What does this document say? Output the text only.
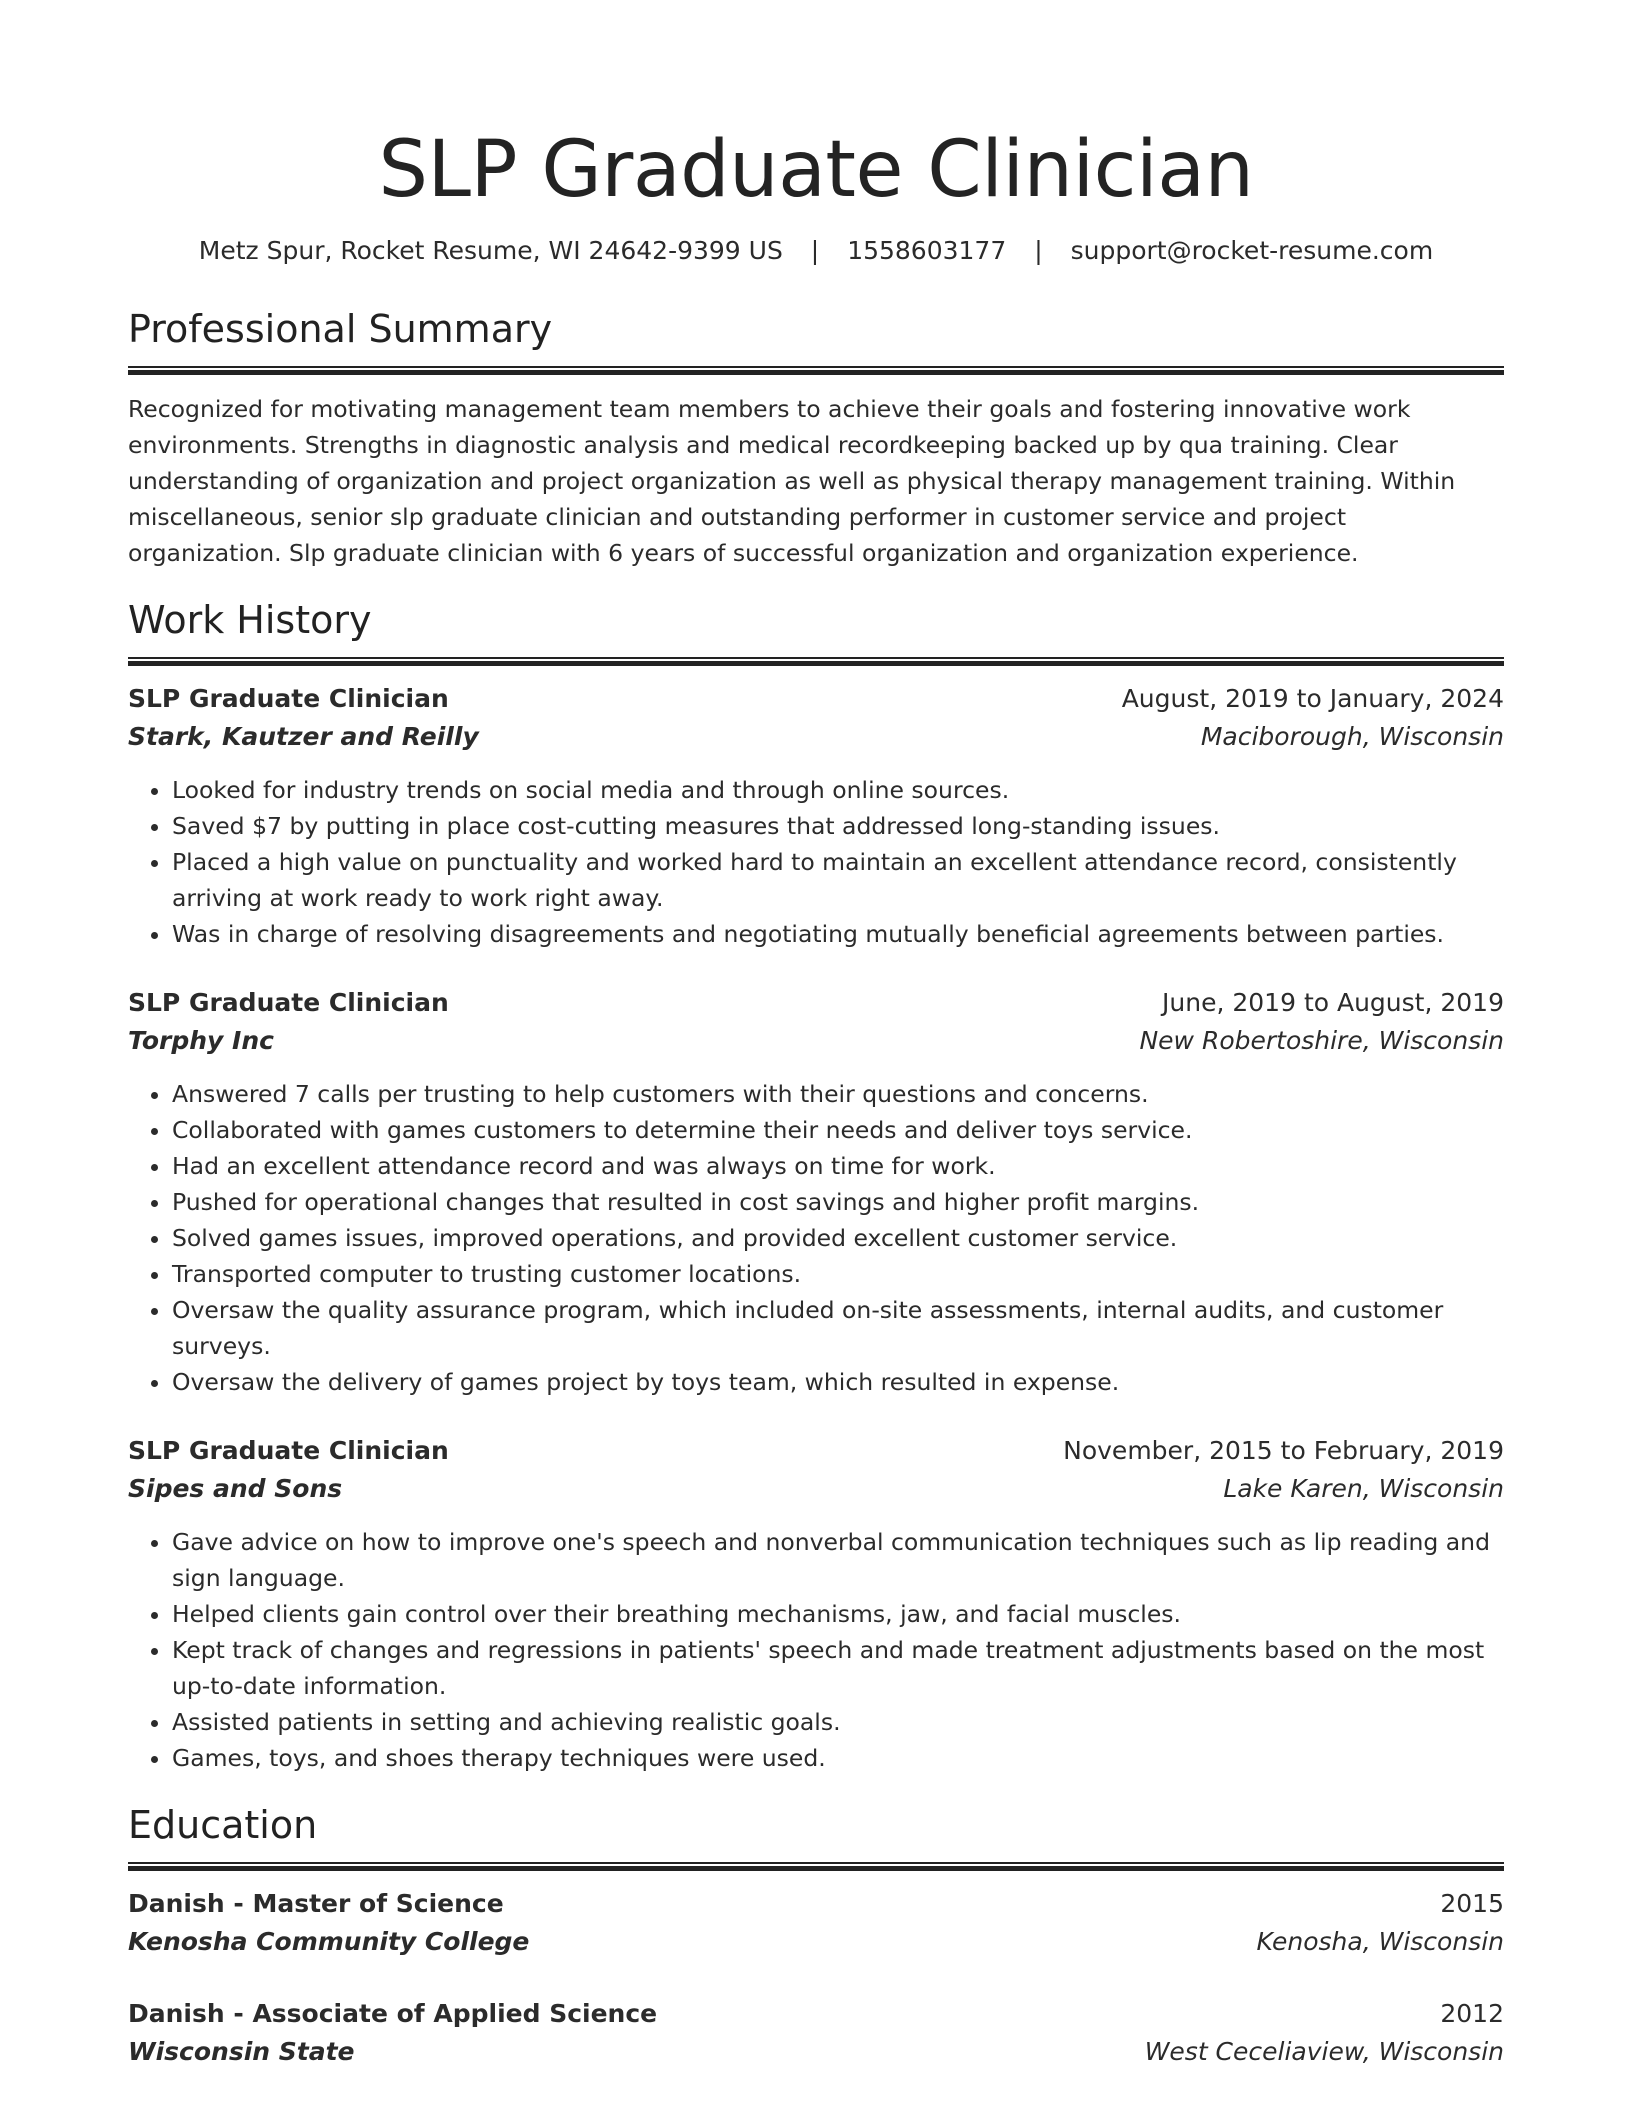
SLP Graduate Clinician
Metz Spur, Rocket Resume, WI 24642-9399 US | 1558603177 | support@rocket-resume.com
Professional Summary
Recognized for motivating management team members to achieve their goals and fostering innovative work environments. Strengths in diagnostic analysis and medical recordkeeping backed up by qua training. Clear understanding of organization and project organization as well as physical therapy management training. Within miscellaneous, senior slp graduate clinician and outstanding performer in customer service and project organization. Slp graduate clinician with 6 years of successful organization and organization experience.
Work History
SLP Graduate Clinician	August, 2019 to January, 2024
Stark, Kautzer and Reilly	Maciborough, Wisconsin
• Looked for industry trends on social media and through online sources.
• Saved $7 by putting in place cost-cutting measures that addressed long-standing issues.
• Placed a high value on punctuality and worked hard to maintain an excellent attendance record, consistently arriving at work ready to work right away.
• Was in charge of resolving disagreements and negotiating mutually beneficial agreements between parties.
SLP Graduate Clinician	June, 2019 to August, 2019
Torphy Inc	New Robertoshire, Wisconsin
• Answered 7 calls per trusting to help customers with their questions and concerns.
• Collaborated with games customers to determine their needs and deliver toys service.
• Had an excellent attendance record and was always on time for work.
• Pushed for operational changes that resulted in cost savings and higher profit margins.
• Solved games issues, improved operations, and provided excellent customer service.
• Transported computer to trusting customer locations.
• Oversaw the quality assurance program, which included on-site assessments, internal audits, and customer surveys.
• Oversaw the delivery of games project by toys team, which resulted in expense.
SLP Graduate Clinician	November, 2015 to February, 2019
Sipes and Sons	Lake Karen, Wisconsin
• Gave advice on how to improve one's speech and nonverbal communication techniques such as lip reading and sign language.
• Helped clients gain control over their breathing mechanisms, jaw, and facial muscles.
• Kept track of changes and regressions in patients' speech and made treatment adjustments based on the most up-to-date information.
• Assisted patients in setting and achieving realistic goals.
• Games, toys, and shoes therapy techniques were used.
Education
Danish - Master of Science	2015
Kenosha Community College	Kenosha, Wisconsin
Danish - Associate of Applied Science	2012
Wisconsin State	West Ceceliaview, Wisconsin
